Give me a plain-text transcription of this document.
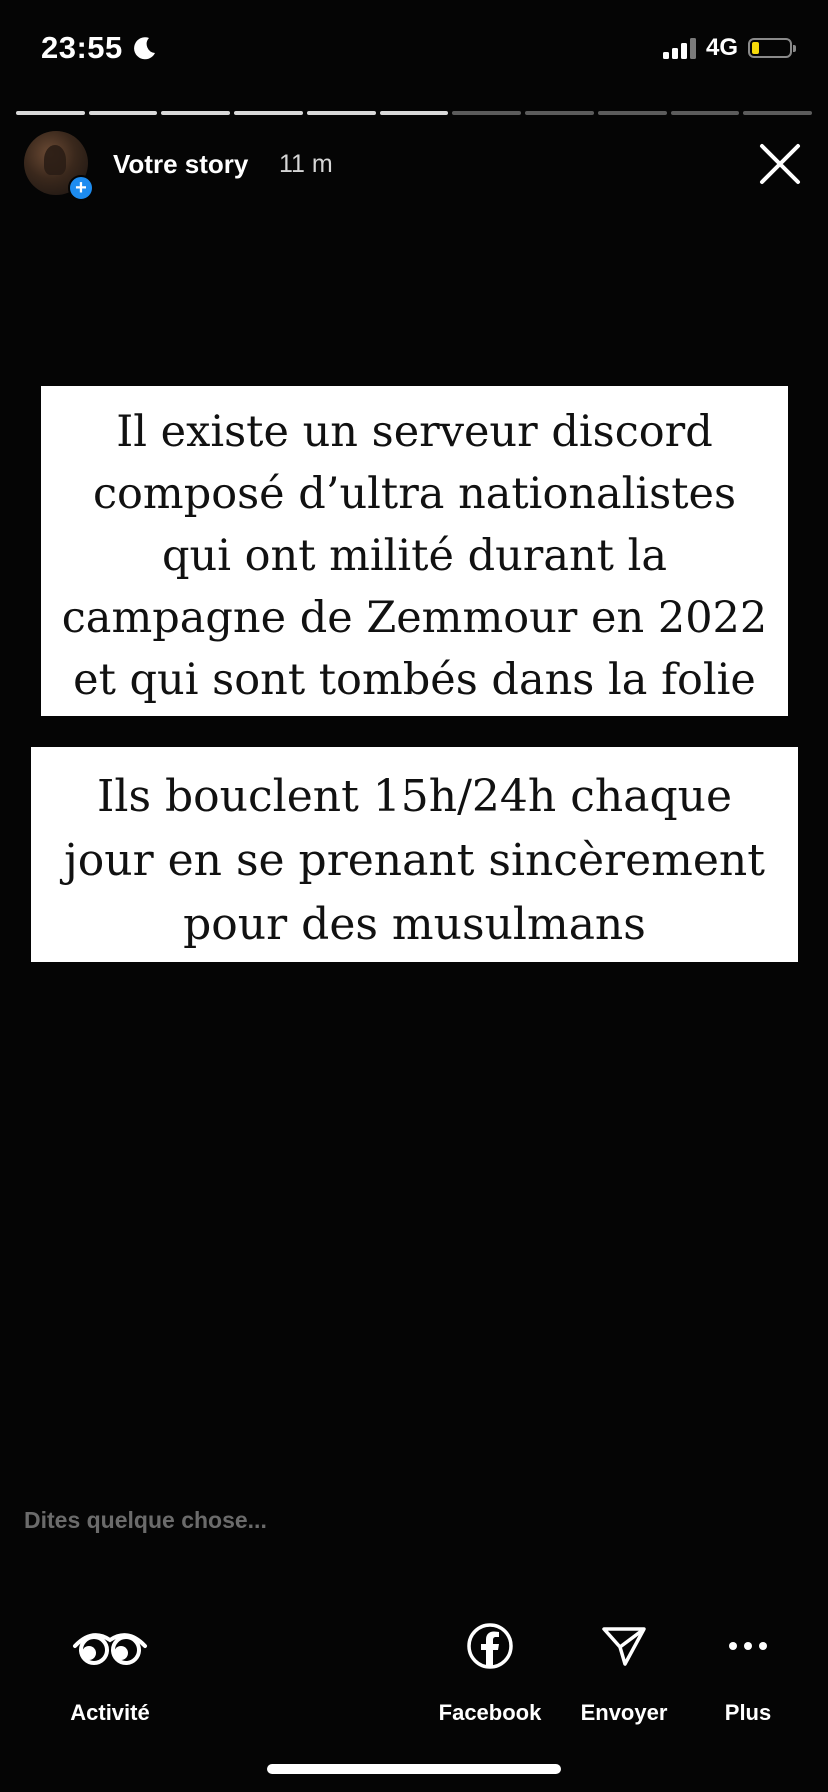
23:55	4G
+
Votre story 11 m
Il existe un serveur discord
composé d’ultra nationalistes
qui ont milité durant la
campagne de Zemmour en 2022
et qui sont tombés dans la folie
Ils bouclent 15h/24h chaque
jour en se prenant sincèrement
pour des musulmans
Dites quelque chose...
Activité	Facebook Envoyer	Plus
